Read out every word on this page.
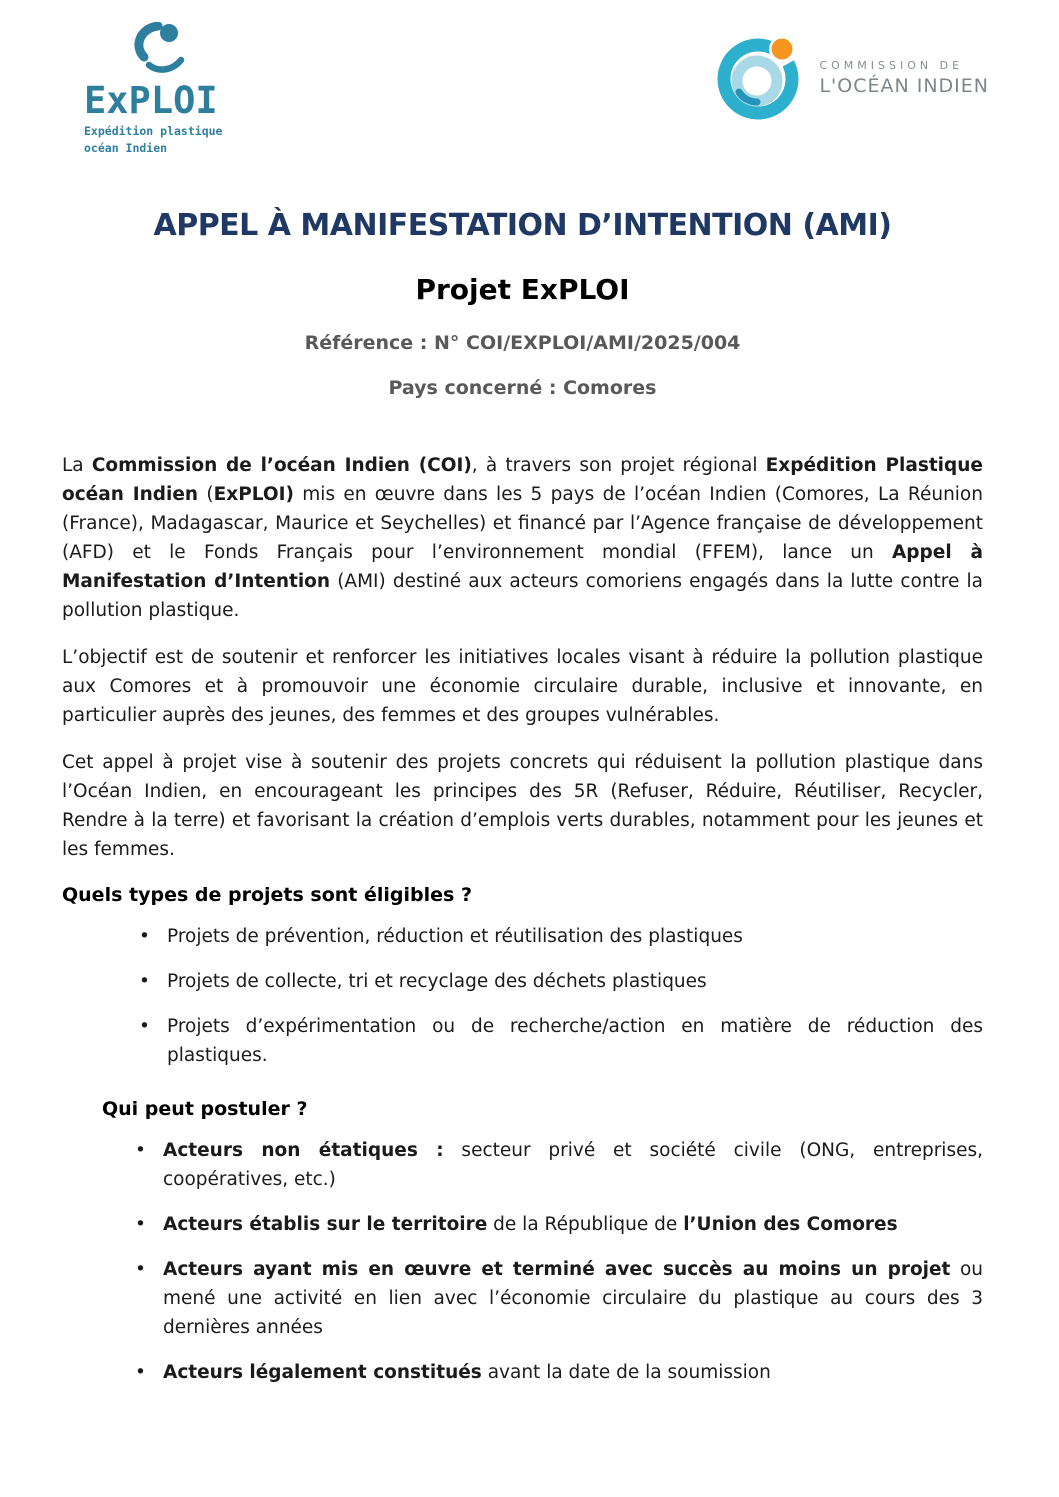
ExPLOI
Expédition plastique
océan Indien
COMMISSION DE
L'OCÉAN INDIEN
APPEL À MANIFESTATION D’INTENTION (AMI)
Projet ExPLOI
Référence : N° COI/EXPLOI/AMI/2025/004
Pays concerné : Comores

La Commission de l’océan Indien (COI), à travers son projet régional Expédition Plastique océan Indien (ExPLOI) mis en œuvre dans les 5 pays de l’océan Indien (Comores, La Réunion (France), Madagascar, Maurice et Seychelles) et financé par l’Agence française de développement (AFD) et le Fonds Français pour l’environnement mondial (FFEM), lance un Appel à Manifestation d’Intention (AMI) destiné aux acteurs comoriens engagés dans la lutte contre la pollution plastique.

L’objectif est de soutenir et renforcer les initiatives locales visant à réduire la pollution plastique aux Comores et à promouvoir une économie circulaire durable, inclusive et innovante, en particulier auprès des jeunes, des femmes et des groupes vulnérables.

Cet appel à projet vise à soutenir des projets concrets qui réduisent la pollution plastique dans l’Océan Indien, en encourageant les principes des 5R (Refuser, Réduire, Réutiliser, Recycler, Rendre à la terre) et favorisant la création d’emplois verts durables, notamment pour les jeunes et les femmes.

Quels types de projets sont éligibles ?
• Projets de prévention, réduction et réutilisation des plastiques
• Projets de collecte, tri et recyclage des déchets plastiques
• Projets d’expérimentation ou de recherche/action en matière de réduction des plastiques.
Qui peut postuler ?
• Acteurs non étatiques : secteur privé et société civile (ONG, entreprises, coopératives, etc.)
• Acteurs établis sur le territoire de la République de l’Union des Comores
• Acteurs ayant mis en œuvre et terminé avec succès au moins un projet ou mené une activité en lien avec l’économie circulaire du plastique au cours des 3 dernières années
• Acteurs légalement constitués avant la date de la soumission
